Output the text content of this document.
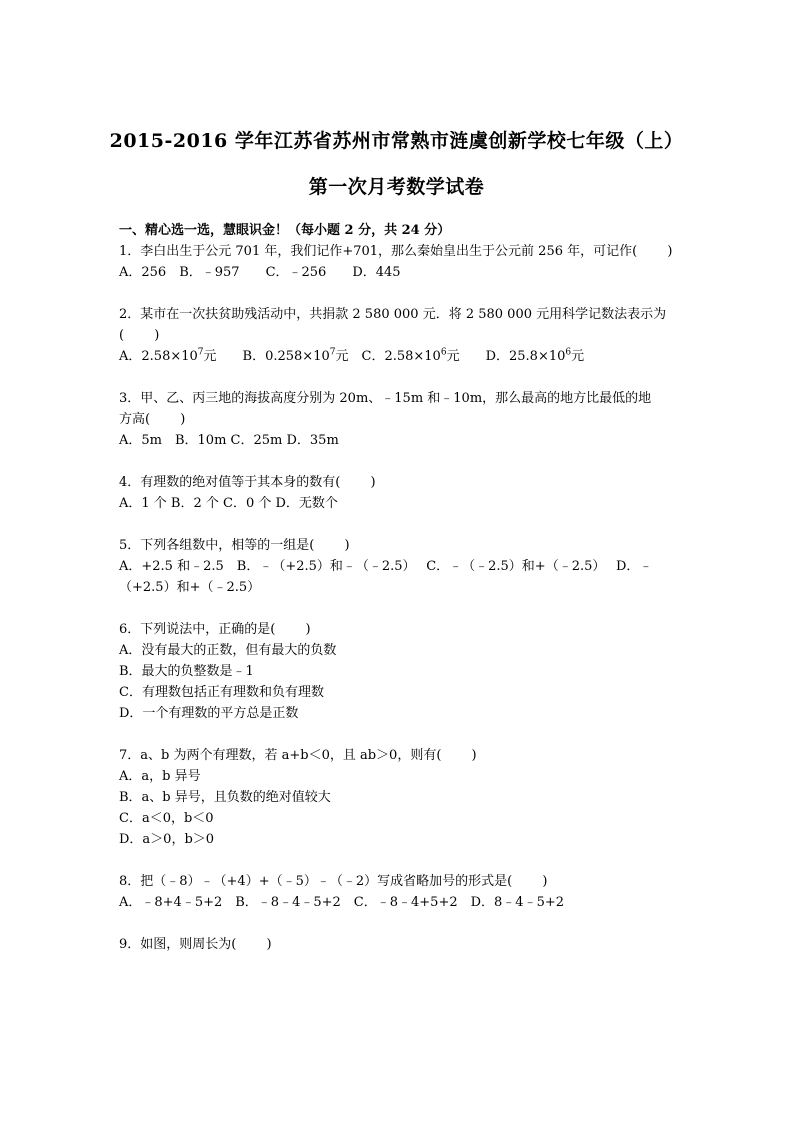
2015-2016 学年江苏省苏州市常熟市涟虞创新学校七年级（上）
第一次月考数学试卷

一、精心选一选，慧眼识金！（每小题 2 分，共 24 分）

1．李白出生于公元 701 年，我们记作+701，那么秦始皇出生于公元前 256 年，可记作(　　 )

A．256　B．﹣957　　C．﹣256　　D．445

2．某市在一次扶贫助残活动中，共捐款 2 580 000 元．将 2 580 000 元用科学记数法表示为

(　　 )

A．$2.58\times 10^7$元　　B．$0.258\times 10^7$元　C．$2.58\times 10^6$元　　D．$25.8\times 10^6$元

3．甲、乙、丙三地的海拔高度分别为 20m、﹣15m 和﹣10m，那么最高的地方比最低的地

方高(　　 )

A．5m　B．10m C．25m D．35m

4．有理数的绝对值等于其本身的数有(　　 )

A．1 个 B．2 个 C．0 个 D．无数个

5．下列各组数中，相等的一组是(　　 )

A．+2.5 和﹣2.5　B．﹣（+2.5）和﹣（﹣2.5）　 C．﹣（﹣2.5）和+（﹣2.5）　 D．﹣

（+2.5）和+（﹣2.5）

6．下列说法中，正确的是(　　 )

A．没有最大的正数，但有最大的负数

B．最大的负整数是﹣1

C．有理数包括正有理数和负有理数

D．一个有理数的平方总是正数

7．a、b 为两个有理数，若 a+b＜0，且 ab＞0，则有(　　 )

A．a，b 异号

B．a、b 异号，且负数的绝对值较大

C．a＜0，b＜0

D．a＞0，b＞0

8．把（﹣8）﹣（+4）+（﹣5）﹣（﹣2）写成省略加号的形式是(　　 )

A．﹣8+4﹣5+2　B．﹣8﹣4﹣5+2　C．﹣8﹣4+5+2　D．8﹣4﹣5+2

9．如图，则周长为(　　 )
